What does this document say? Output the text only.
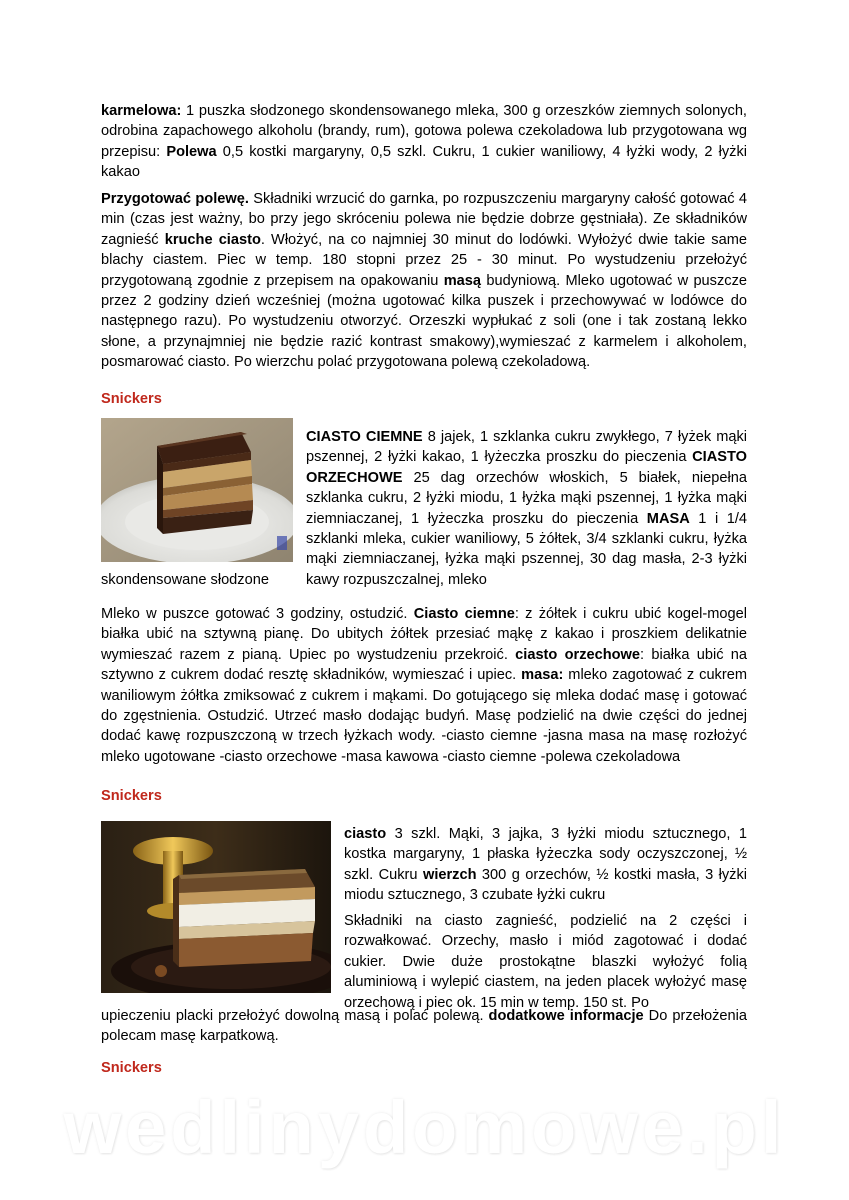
karmelowa: 1 puszka słodzonego skondensowanego mleka, 300 g orzeszków ziemnych solonych, odrobina zapachowego alkoholu (brandy, rum), gotowa polewa czekoladowa lub przygotowana wg przepisu: Polewa 0,5 kostki margaryny, 0,5 szkl. Cukru, 1 cukier waniliowy, 4 łyżki wody, 2 łyżki kakao
Przygotować polewę. Składniki wrzucić do garnka, po rozpuszczeniu margaryny całość gotować 4 min (czas jest ważny, bo przy jego skróceniu polewa nie będzie dobrze gęstniała). Ze składników zagnieść kruche ciasto. Włożyć, na co najmniej 30 minut do lodówki. Wyłożyć dwie takie same blachy ciastem. Piec w temp. 180 stopni przez 25 - 30 minut. Po wystudzeniu przełożyć przygotowaną zgodnie z przepisem na opakowaniu masą budyniową. Mleko ugotować w puszcze przez 2 godziny dzień wcześniej (można ugotować kilka puszek i przechowywać w lodówce do następnego razu). Po wystudzeniu otworzyć. Orzeszki wypłukać z soli (one i tak zostaną lekko słone, a przynajmniej nie będzie razić kontrast smakowy),wymieszać z karmelem i alkoholem, posmarować ciasto. Po wierzchu polać przygotowana polewą czekoladową.
Snickers
CIASTO CIEMNE 8 jajek, 1 szklanka cukru zwykłego, 7 łyżek mąki pszennej, 2 łyżki kakao, 1 łyżeczka proszku do pieczenia CIASTO ORZECHOWE 25 dag orzechów włoskich, 5 białek, niepełna szklanka cukru, 2 łyżki miodu, 1 łyżka mąki pszennej, 1 łyżka mąki ziemniaczanej, 1 łyżeczka proszku do pieczenia MASA 1 i 1/4 szklanki mleka, cukier waniliowy, 5 żółtek, 3/4 szklanki cukru, łyżka mąki ziemniaczanej, łyżka mąki pszennej, 30 dag masła, 2-3 łyżki kawy rozpuszczalnej, mleko
skondensowane słodzone
Mleko w puszce gotować 3 godziny, ostudzić. Ciasto ciemne: z żółtek i cukru ubić kogel-mogel białka ubić na sztywną pianę. Do ubitych żółtek przesiać mąkę z kakao i proszkiem delikatnie wymieszać razem z pianą. Upiec po wystudzeniu przekroić. ciasto orzechowe: białka ubić na sztywno z cukrem dodać resztę składników, wymieszać i upiec. masa: mleko zagotować z cukrem waniliowym żółtka zmiksować z cukrem i mąkami. Do gotującego się mleka dodać masę i gotować do zgęstnienia. Ostudzić. Utrzeć masło dodając budyń. Masę podzielić na dwie części do jednej dodać kawę rozpuszczoną w trzech łyżkach wody. -ciasto ciemne -jasna masa na masę rozłożyć mleko ugotowane -ciasto orzechowe -masa kawowa -ciasto ciemne -polewa czekoladowa
Snickers
ciasto 3 szkl. Mąki, 3 jajka, 3 łyżki miodu sztucznego, 1 kostka margaryny, 1 płaska łyżeczka sody oczyszczonej, ½ szkl. Cukru wierzch 300 g orzechów, ½ kostki masła, 3 łyżki miodu sztucznego, 3 czubate łyżki cukru
Składniki na ciasto zagnieść, podzielić na 2 części i rozwałkować. Orzechy, masło i miód zagotować i dodać cukier. Dwie duże prostokątne blaszki wyłożyć folią aluminiową i wylepić ciastem, na jeden placek wyłożyć masę orzechową i piec ok. 15 min w temp. 150 st. Po
upieczeniu placki przełożyć dowolną masą i polać polewą. dodatkowe informacje Do przełożenia polecam masę karpatkową.
Snickers
wedlinydomowe.pl
